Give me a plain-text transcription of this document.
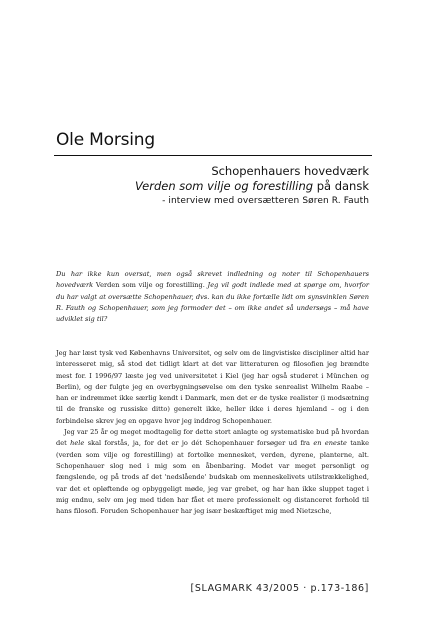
Ole Morsing
Schopenhauers hovedværk
Verden som vilje og forestilling på dansk
- interview med oversætteren Søren R. Fauth
Du har ikke kun oversat, men også skrevet indledning og noter til Schopenhauers hovedværk Verden som vilje og forestilling. Jeg vil godt indlede med at spørge om, hvorfor du har valgt at oversætte Schopenhauer, dvs. kan du ikke fortælle lidt om synsvinklen Søren R. Fauth og Schopenhauer, som jeg formoder det – om ikke andet så undersøgs – må have udviklet sig til?

Jeg har læst tysk ved Københavns Universitet, og selv om de lingvistiske discipliner altid har interesseret mig, så stod det tidligt klart at det var litteraturen og filosofien jeg brændte mest for. I 1996/97 læste jeg ved universitetet i Kiel (jeg har også studeret i München og Berlin), og der fulgte jeg en overbygningsøvelse om den tyske senrealist Wilhelm Raabe – han er indrømmet ikke særlig kendt i Danmark, men det er de tyske realister (i modsætning til de franske og russiske ditto) generelt ikke, heller ikke i deres hjemland – og i den forbindelse skrev jeg en opgave hvor jeg inddrog Schopenhauer.

Jeg var 25 år og meget modtagelig for dette stort anlagte og systematiske bud på hvordan det hele skal forstås, ja, for det er jo dét Schopenhauer forsøger ud fra en eneste tanke (verden som vilje og forestilling) at fortolke mennesket, verden, dyrene, planterne, alt. Schopenhauer slog ned i mig som en åbenbaring. Modet var meget personligt og fængslende, og på trods af det 'nedslående' budskab om menneskelivets utilstrækkelighed, var det et opløftende og opbyggeligt møde, jeg var grebet, og har han ikke sluppet taget i mig endnu, selv om jeg med tiden har fået et mere professionelt og distanceret forhold til hans filosofi. Foruden Schopenhauer har jeg især beskæftiget mig med Nietzsche,

[SLAGMARK 43/2005 · p.173-186]
